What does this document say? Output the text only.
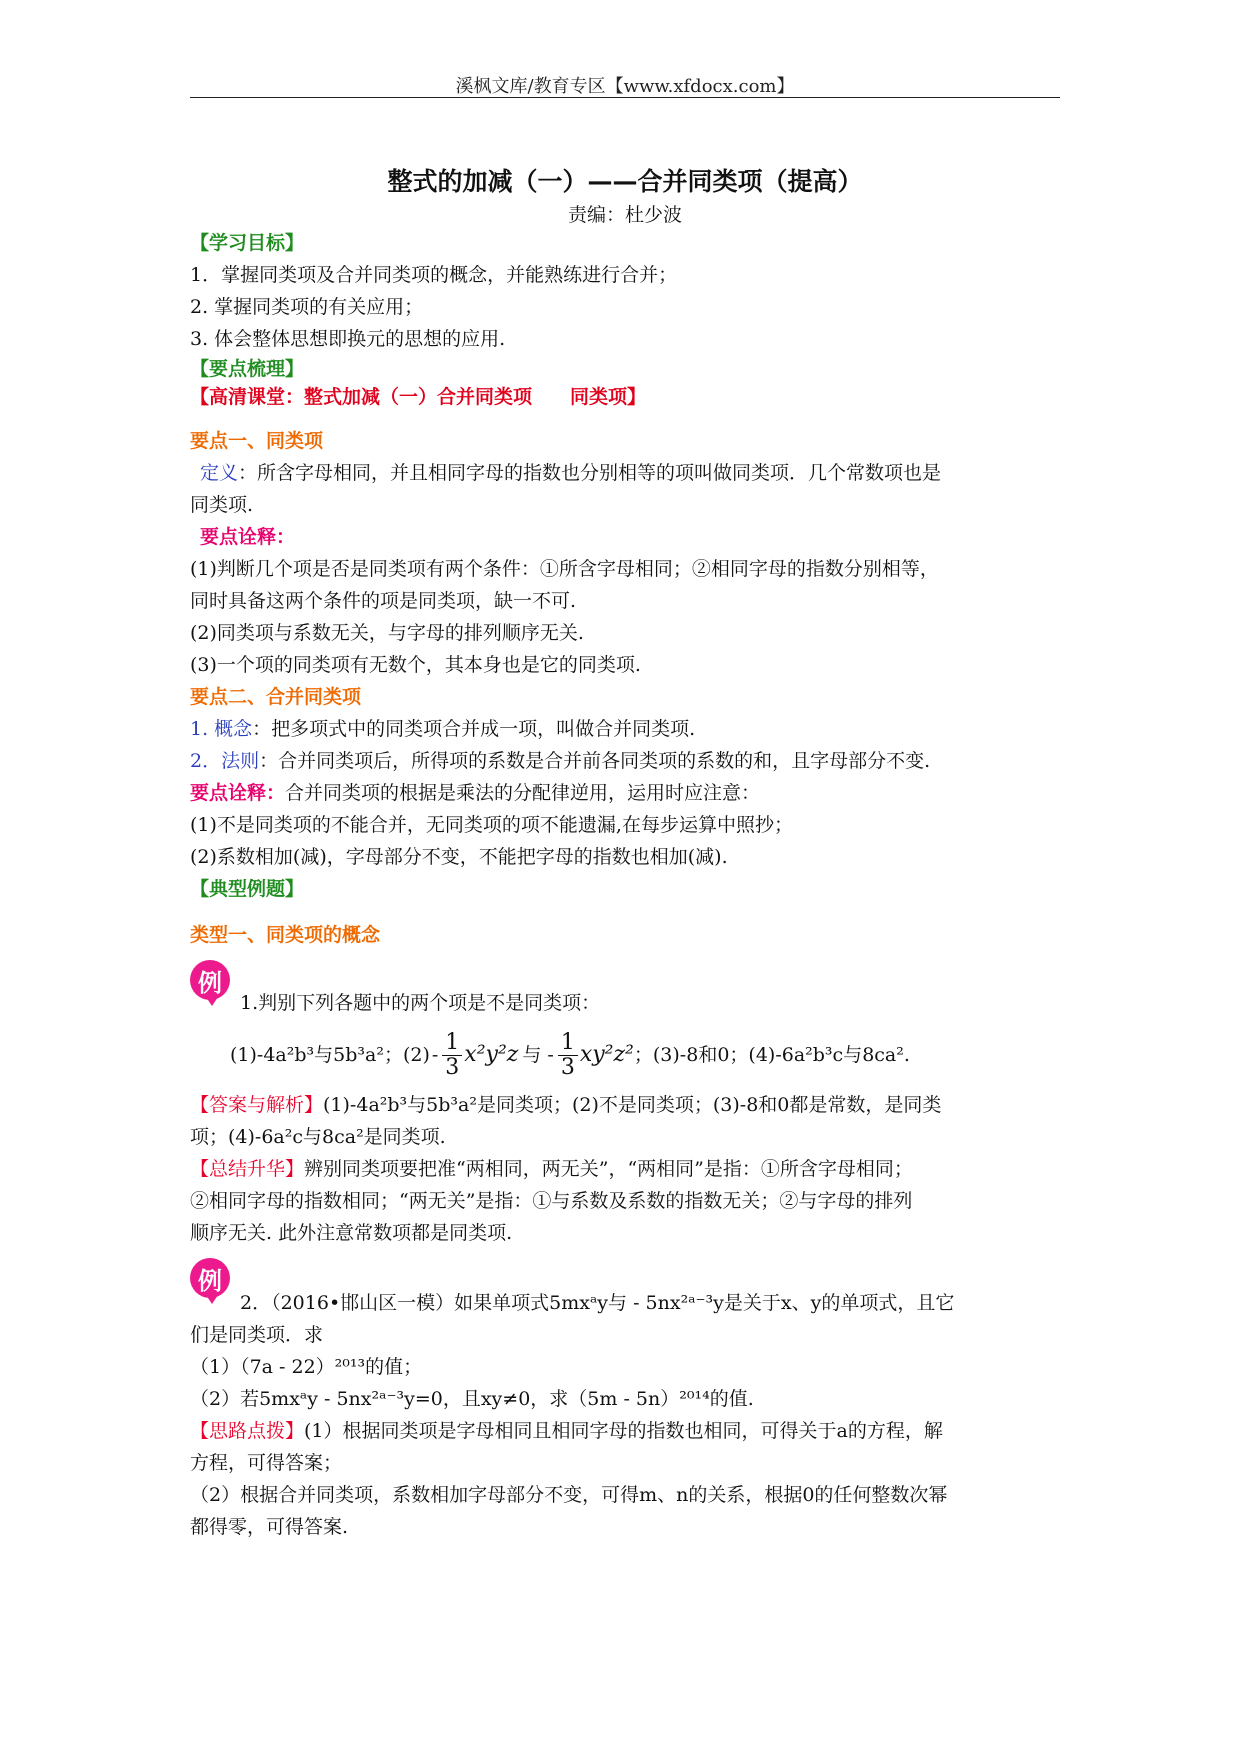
溪枫文库/教育专区【www.xfdocx.com】
整式的加减（一）——合并同类项（提高）
责编：杜少波
【学习目标】
1．掌握同类项及合并同类项的概念，并能熟练进行合并；
2. 掌握同类项的有关应用；
3. 体会整体思想即换元的思想的应用.
【要点梳理】
【高清课堂：整式加减（一）合并同类项　　同类项】
要点一、同类项
定义：所含字母相同，并且相同字母的指数也分别相等的项叫做同类项．几个常数项也是
同类项.
要点诠释：
(1)判断几个项是否是同类项有两个条件：①所含字母相同；②相同字母的指数分别相等，
同时具备这两个条件的项是同类项，缺一不可.
(2)同类项与系数无关，与字母的排列顺序无关.
(3)一个项的同类项有无数个，其本身也是它的同类项.
要点二、合并同类项
1. 概念：把多项式中的同类项合并成一项，叫做合并同类项.
2．法则：合并同类项后，所得项的系数是合并前各同类项的系数的和，且字母部分不变.
要点诠释：合并同类项的根据是乘法的分配律逆用，运用时应注意：
(1)不是同类项的不能合并，无同类项的项不能遗漏,在每步运算中照抄；
(2)系数相加(减)，字母部分不变，不能把字母的指数也相加(减).
【典型例题】
类型一、同类项的概念
例
1.判别下列各题中的两个项是不是同类项：
(1)-4a²b³与5b³a²；$(2) - \frac{1}{3} x^2y^2z$ 与 - $\frac{1}{3} xy^2z^2$ ；(3)-8和0；(4)-6a²b³c与8ca².
【答案与解析】(1)-4a²b³与5b³a²是同类项；(2)不是同类项；(3)-8和0都是常数，是同类
项；(4)-6a²c与8ca²是同类项.
【总结升华】辨别同类项要把准“两相同，两无关”，“两相同”是指：①所含字母相同；
②相同字母的指数相同；“两无关”是指：①与系数及系数的指数无关；②与字母的排列
顺序无关. 此外注意常数项都是同类项.
例
2．（2016•邯山区一模）如果单项式5mxᵃy与 - 5nx²ᵃ⁻³y是关于x、y的单项式，且它
们是同类项．求
（1）（7a - 22）²⁰¹³的值；
（2）若5mxᵃy - 5nx²ᵃ⁻³y=0，且xy≠0，求（5m - 5n）²⁰¹⁴的值.
【思路点拨】(1）根据同类项是字母相同且相同字母的指数也相同，可得关于a的方程，解
方程，可得答案；
（2）根据合并同类项，系数相加字母部分不变，可得m、n的关系，根据0的任何整数次幂
都得零，可得答案.
